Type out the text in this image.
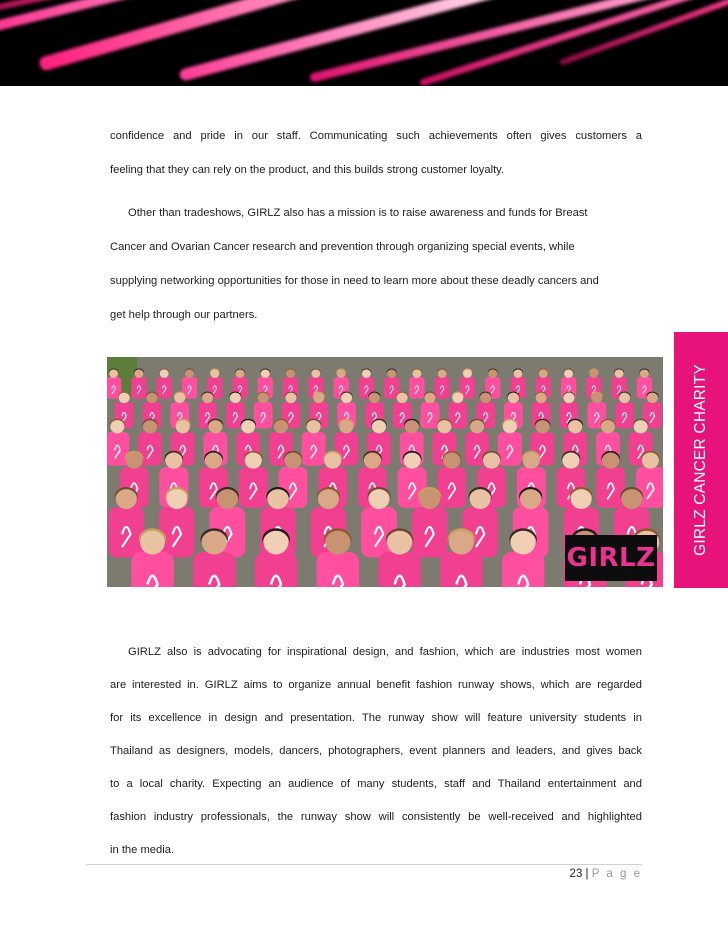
confidence and pride in our staff. Communicating such achievements often gives customers a
feeling that they can rely on the product, and this builds strong customer loyalty.
Other than tradeshows, GIRLZ also has a mission is to raise awareness and funds for Breast
Cancer and Ovarian Cancer research and prevention through organizing special events, while
supplying networking opportunities for those in need to learn more about these deadly cancers and
get help through our partners.
GIRLZ
GIRLZ CANCER CHARITY
GIRLZ also is advocating for inspirational design, and fashion, which are industries most women
are interested in. GIRLZ aims to organize annual benefit fashion runway shows, which are regarded
for its excellence in design and presentation. The runway show will feature university students in
Thailand as designers, models, dancers, photographers, event planners and leaders, and gives back
to a local charity. Expecting an audience of many students, staff and Thailand entertainment and
fashion industry professionals, the runway show will consistently be well-received and highlighted
in the media.
23 | P a g e
